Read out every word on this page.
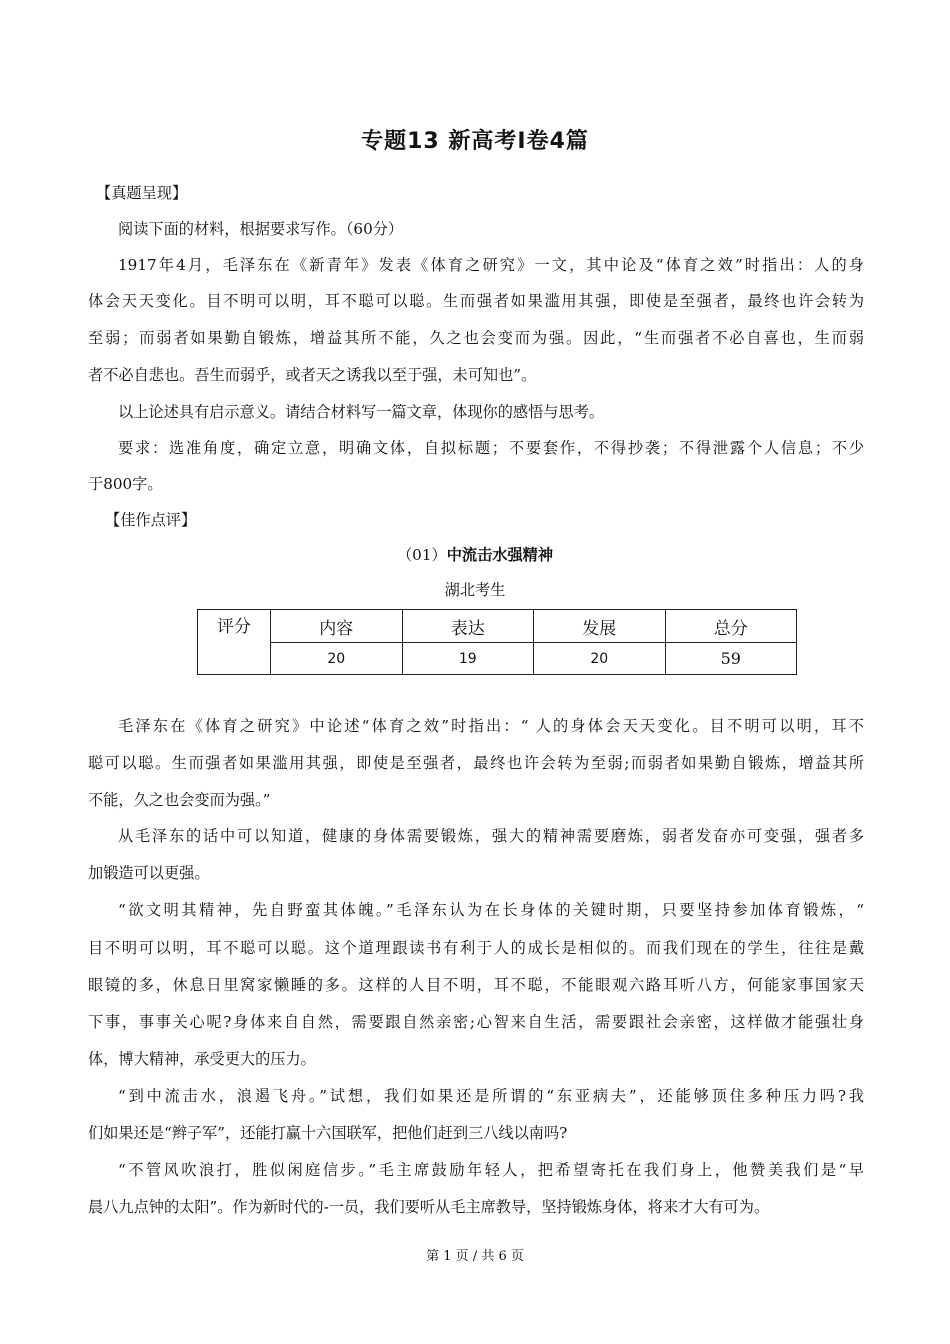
专题13 新高考Ⅰ卷4篇
【真题呈现】
阅读下面的材料，根据要求写作。（60分）
1917年4月，毛泽东在《新青年》发表《体育之研究》一文，其中论及“体育之效”时指出：人的身
体会天天变化。目不明可以明，耳不聪可以聪。生而强者如果滥用其强，即使是至强者，最终也许会转为
至弱；而弱者如果勤自锻炼，增益其所不能，久之也会变而为强。因此，“生而强者不必自喜也，生而弱
者不必自悲也。吾生而弱乎，或者天之诱我以至于强，未可知也”。
以上论述具有启示意义。请结合材料写一篇文章，体现你的感悟与思考。
要求：选准角度，确定立意，明确文体，自拟标题；不要套作，不得抄袭；不得泄露个人信息；不少
于800字。
【佳作点评】
（01）中流击水强精神
湖北考生
评分	内容	表达	发展	总分
	20	19	20	59
毛泽东在《体育之研究》中论述“体育之效”时指出：“ 人的身体会天天变化。目不明可以明，耳不
聪可以聪。生而强者如果滥用其强，即使是至强者，最终也许会转为至弱;而弱者如果勤自锻炼，增益其所
不能，久之也会变而为强。”
从毛泽东的话中可以知道，健康的身体需要锻炼，强大的精神需要磨炼，弱者发奋亦可变强，强者多
加锻造可以更强。
“欲文明其精神，先自野蛮其体魄。”毛泽东认为在长身体的关键时期，只要坚持参加体育锻炼，“
目不明可以明，耳不聪可以聪。这个道理跟读书有利于人的成长是相似的。而我们现在的学生，往往是戴
眼镜的多，休息日里窝家懒睡的多。这样的人目不明，耳不聪，不能眼观六路耳听八方，何能家事国家天
下事，事事关心呢?身体来自自然，需要跟自然亲密;心智来自生活，需要跟社会亲密，这样做才能强壮身
体，博大精神，承受更大的压力。
“到中流击水，浪遏飞舟。”试想，我们如果还是所谓的“东亚病夫”，还能够顶住多种压力吗?我
们如果还是“辫子军”，还能打赢十六国联军，把他们赶到三八线以南吗?
“不管风吹浪打，胜似闲庭信步。”毛主席鼓励年轻人，把希望寄托在我们身上，他赞美我们是“早
晨八九点钟的太阳”。作为新时代的-一员，我们要听从毛主席教导，坚持锻炼身体，将来才大有可为。
第 1 页 / 共 6 页
